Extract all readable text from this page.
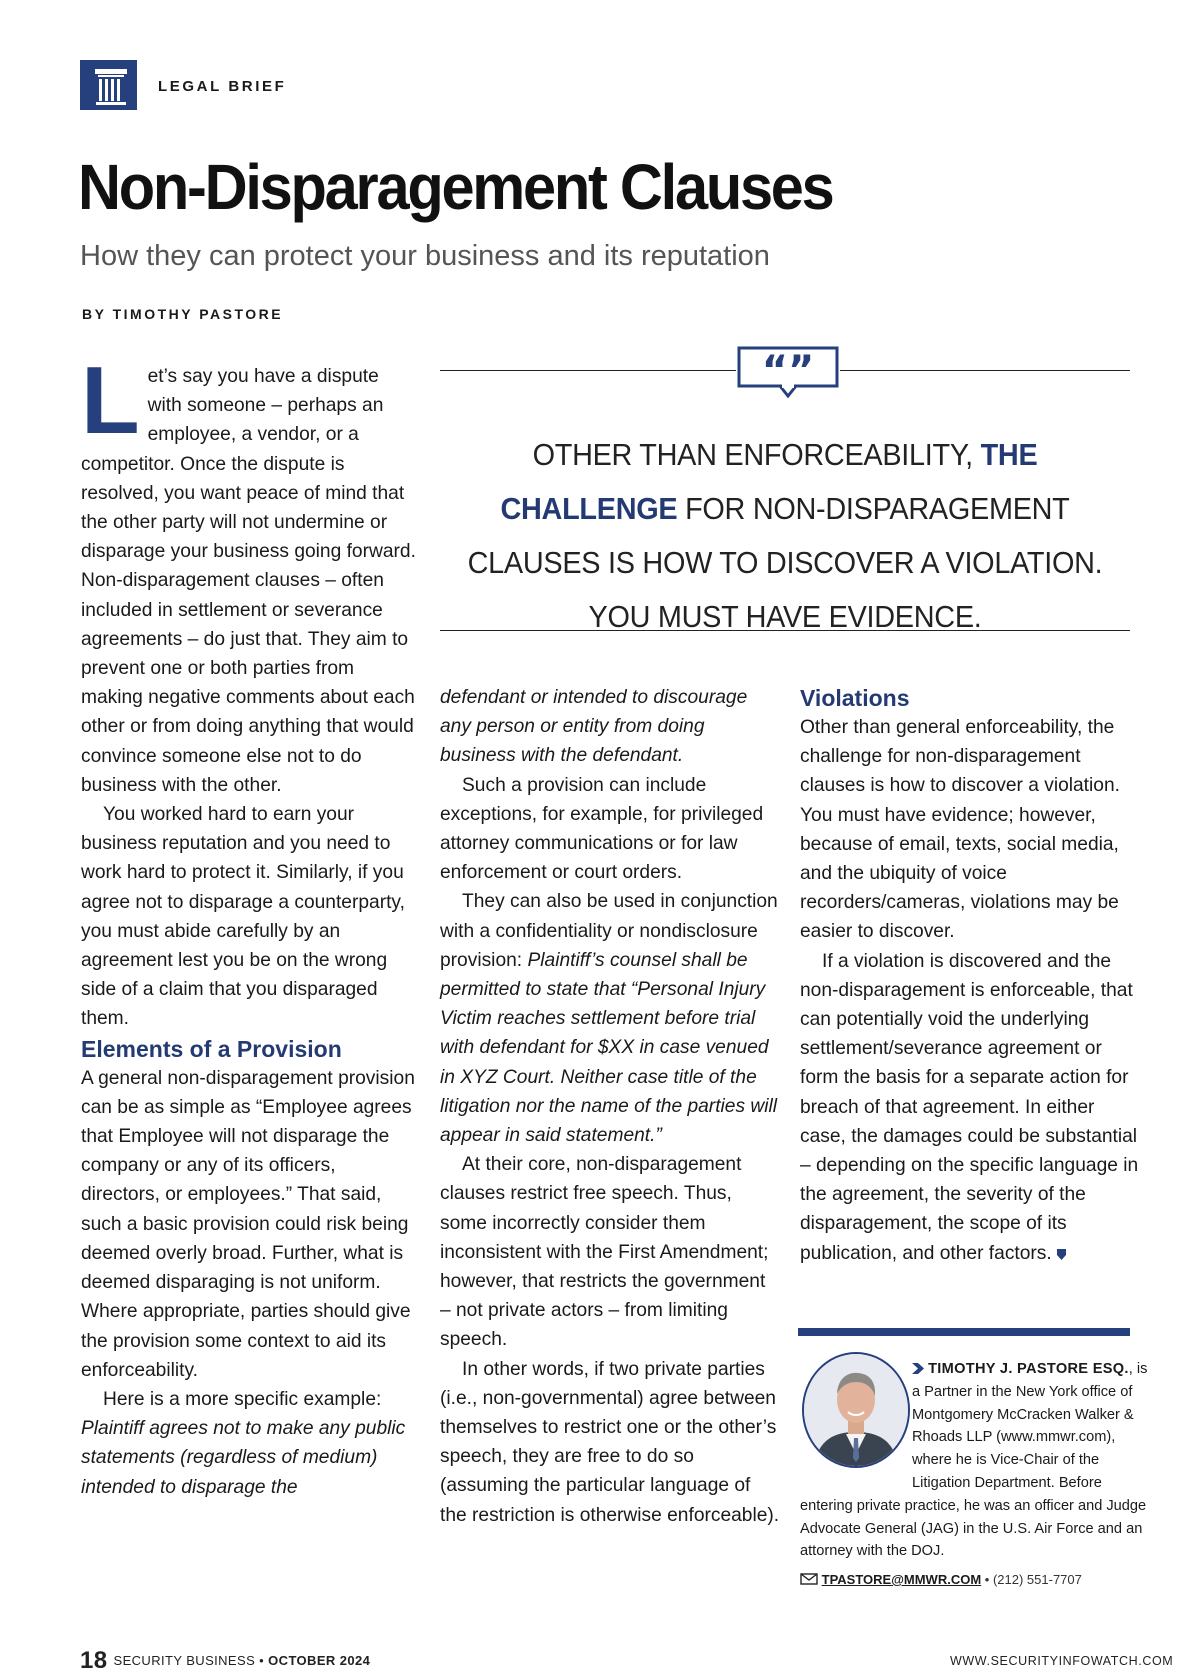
LEGAL BRIEF
Non-Disparagement Clauses
How they can protect your business and its reputation
BY TIMOTHY PASTORE

Let’s say you have a dispute with someone – perhaps an employee, a vendor, or a competitor. Once the dispute is resolved, you want peace of mind that the other party will not undermine or disparage your business going forward. Non-disparagement clauses – often included in settlement or severance agreements – do just that. They aim to prevent one or both parties from making negative comments about each other or from doing anything that would convince someone else not to do business with the other.

You worked hard to earn your business reputation and you need to work hard to protect it. Similarly, if you agree not to disparage a counterparty, you must abide carefully by an agreement lest you be on the wrong side of a claim that you disparaged them.

Elements of a Provision

A general non-disparagement provision can be as simple as “Employee agrees that Employee will not disparage the company or any of its officers, directors, or employees.” That said, such a basic provision could risk being deemed overly broad. Further, what is deemed disparaging is not uniform. Where appropriate, parties should give the provision some context to aid its enforceability.

Here is a more specific example: Plaintiff agrees not to make any public statements (regardless of medium) intended to disparage the

“”
OTHER THAN ENFORCEABILITY, THE CHALLENGE FOR NON-DISPARAGEMENT CLAUSES IS HOW TO DISCOVER A VIOLATION. YOU MUST HAVE EVIDENCE.

defendant or intended to discourage any person or entity from doing business with the defendant.

Such a provision can include exceptions, for example, for privileged attorney communications or for law enforcement or court orders.

They can also be used in conjunction with a confidentiality or nondisclosure provision: Plaintiff’s counsel shall be permitted to state that “Personal Injury Victim reaches settlement before trial with defendant for $XX in case venued in XYZ Court. Neither case title of the litigation nor the name of the parties will appear in said statement.”

At their core, non-disparagement clauses restrict free speech. Thus, some incorrectly consider them inconsistent with the First Amendment; however, that restricts the government – not private actors – from limiting speech.

In other words, if two private parties (i.e., non-governmental) agree between themselves to restrict one or the other’s speech, they are free to do so (assuming the particular language of the restriction is otherwise enforceable).

Violations

Other than general enforceability, the challenge for non-disparagement clauses is how to discover a violation. You must have evidence; however, because of email, texts, social media, and the ubiquity of voice recorders/cameras, violations may be easier to discover.

If a violation is discovered and the non-disparagement is enforceable, that can potentially void the underlying settlement/severance agreement or form the basis for a separate action for breach of that agreement. In either case, the damages could be substantial – depending on the specific language in the agreement, the severity of the disparagement, the scope of its publication, and other factors.

TIMOTHY J. PASTORE ESQ., is a Partner in the New York office of Montgomery McCracken Walker & Rhoads LLP (www.mmwr.com), where he is Vice-Chair of the Litigation Department. Before entering private practice, he was an officer and Judge Advocate General (JAG) in the U.S. Air Force and an attorney with the DOJ.
TPASTORE@MMWR.COM • (212) 551-7707
18 SECURITY BUSINESS • OCTOBER 2024	WWW.SECURITYINFOWATCH.COM
